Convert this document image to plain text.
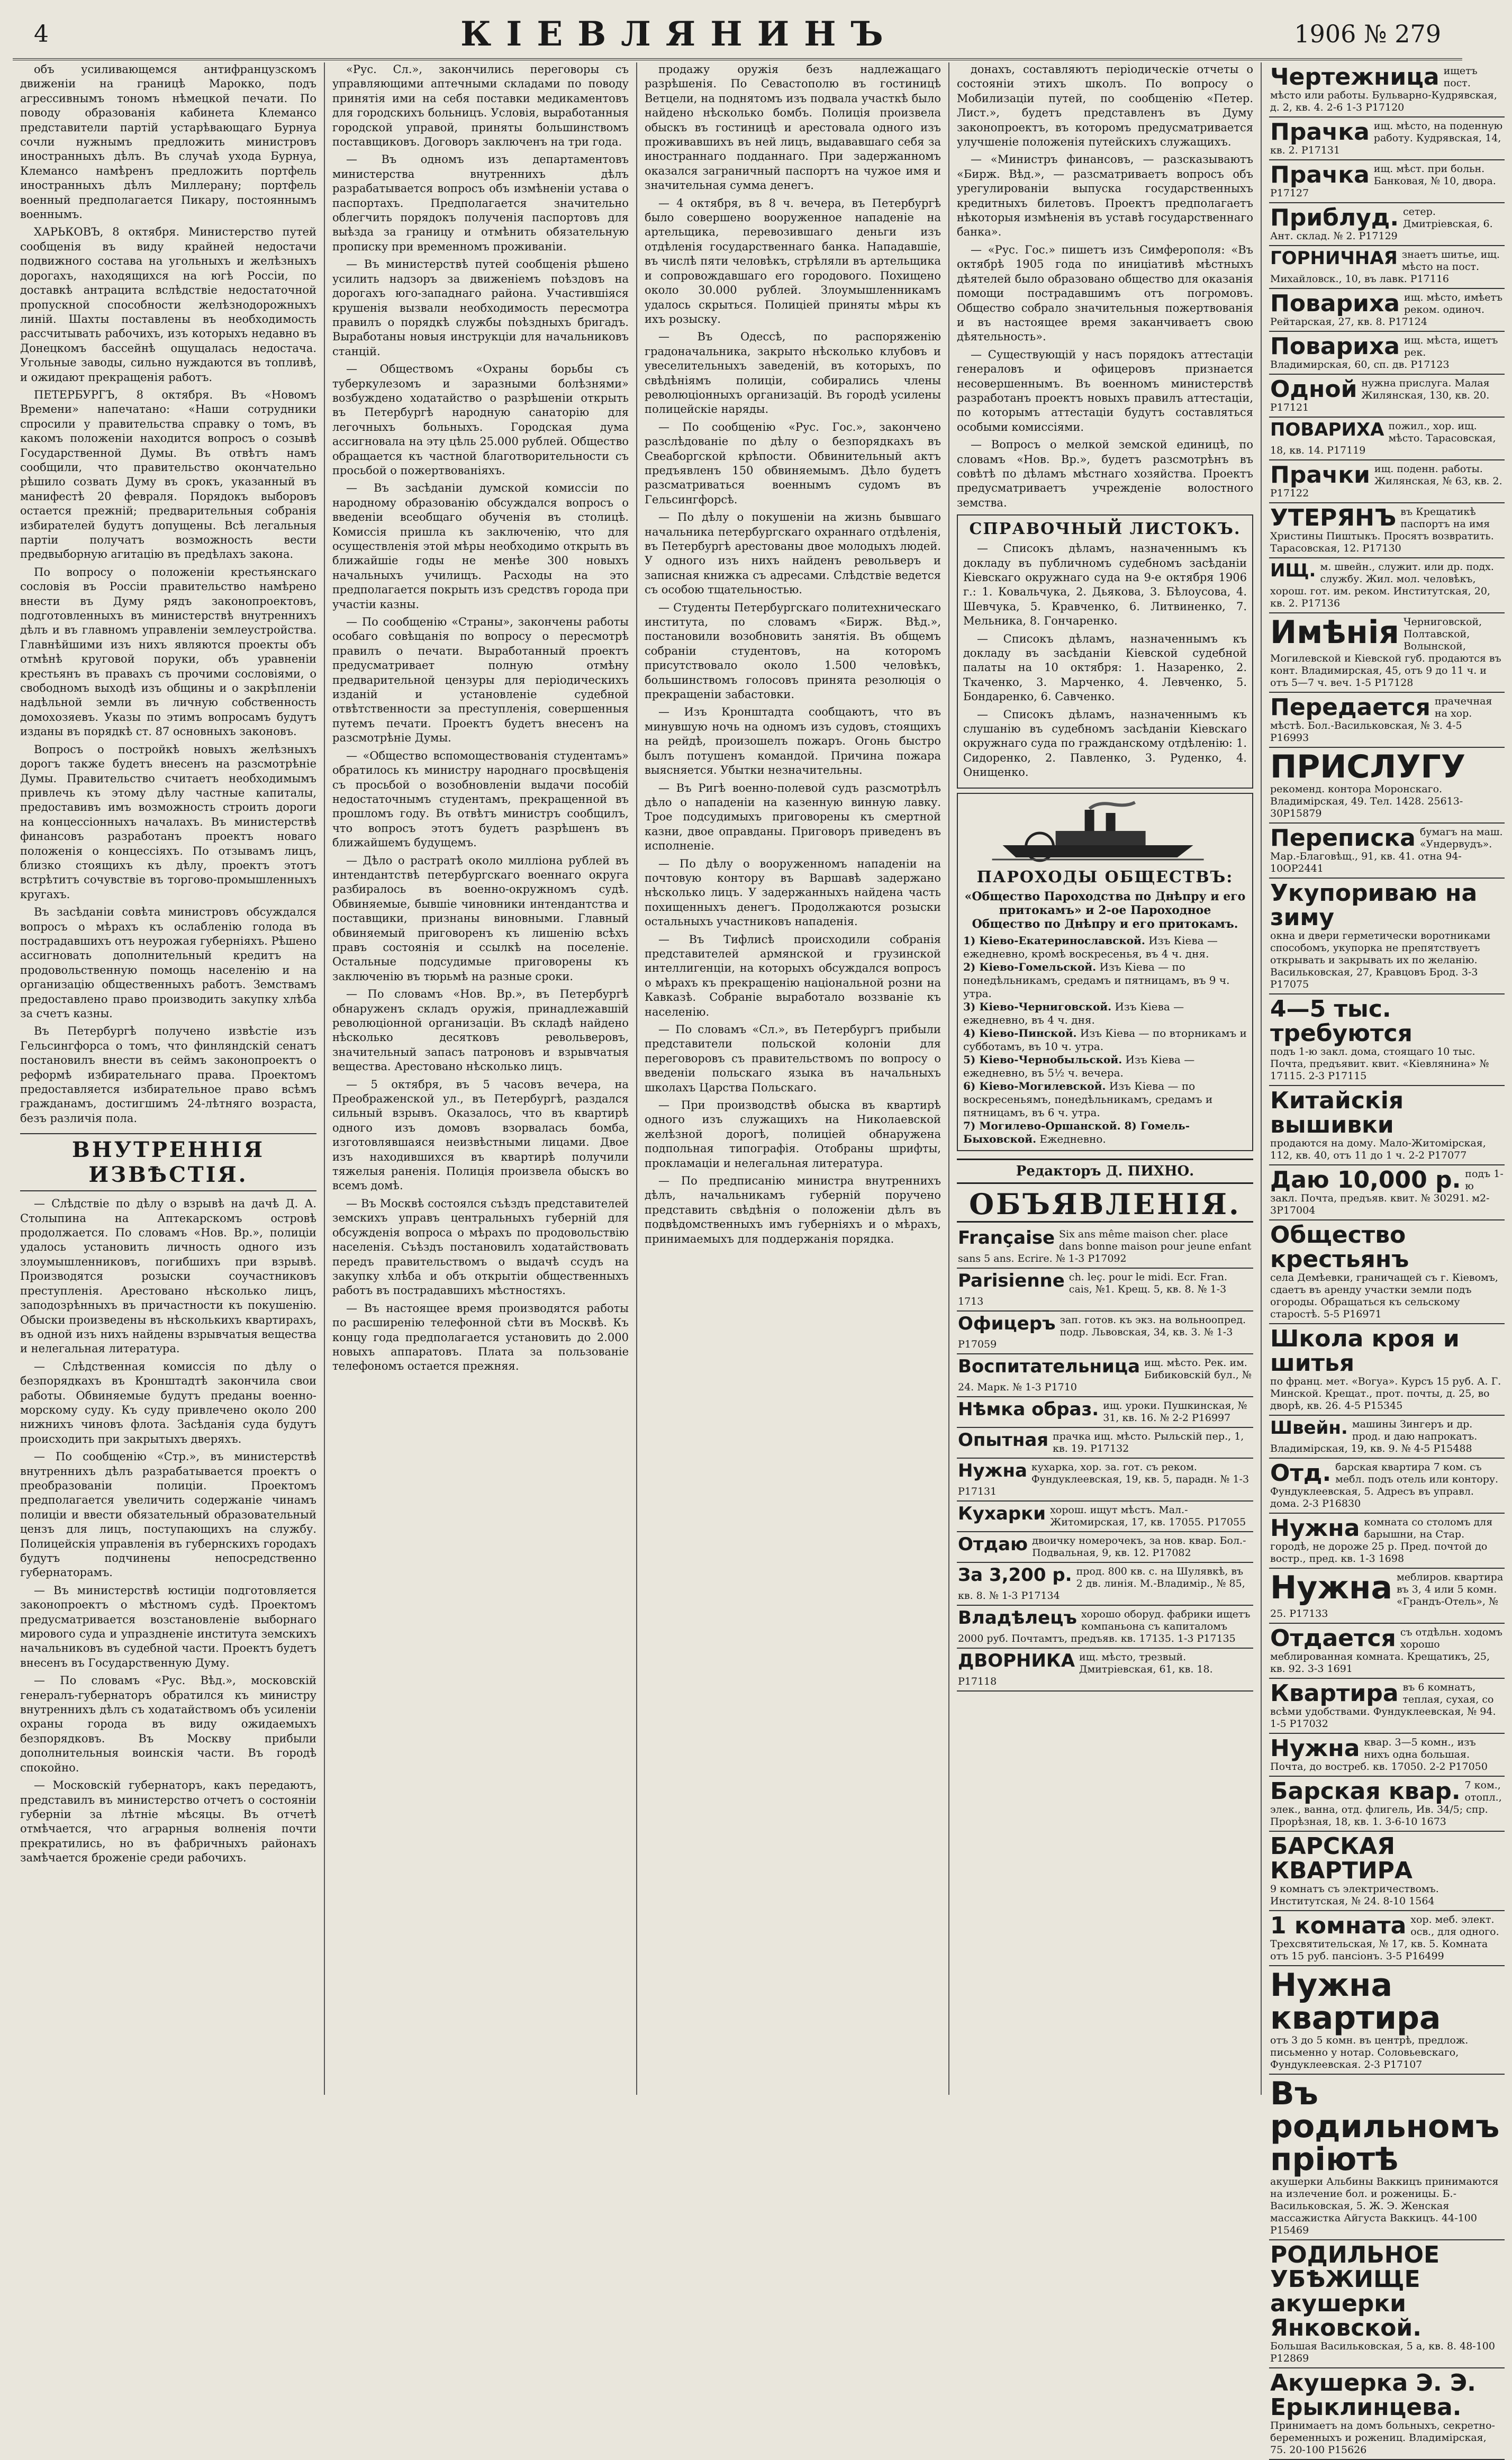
4	КІЕВЛЯНИНЪ	1906 № 279

объ усиливающемся антифранцузскомъ движеніи на границѣ Марокко, подъ агрессивнымъ тономъ нѣмецкой печати. По поводу образованія кабинета Клемансо представители партій устарѣвающаго Бурнуа сочли нужнымъ предложить министровъ иностранныхъ дѣлъ. Въ случаѣ ухода Бурнуа, Клемансо намѣренъ предложить портфель иностранныхъ дѣлъ Миллерану; портфель военный предполагается Пикару, постояннымъ военнымъ.

ХАРЬКОВЪ, 8 октября. Министерство путей сообщенія въ виду крайней недостачи подвижного состава на угольныхъ и желѣзныхъ дорогахъ, находящихся на югѣ Россіи, по доставкѣ антрацита вслѣдствіе недостаточной пропускной способности желѣзнодорожныхъ линій. Шахты поставлены въ необходимость рассчитывать рабочихъ, изъ которыхъ недавно въ Донецкомъ бассейнѣ ощущалась недостача. Угольные заводы, сильно нуждаются въ топливѣ, и ожидают прекращенія работъ.

ПЕТЕРБУРГЪ, 8 октября. Въ «Новомъ Времени» напечатано: «Наши сотрудники спросили у правительства справку о томъ, въ какомъ положеніи находится вопросъ о созывѣ Государственной Думы. Въ отвѣтъ намъ сообщили, что правительство окончательно рѣшило созвать Думу въ срокъ, указанный въ манифестѣ 20 февраля. Порядокъ выборовъ остается прежній; предварительныя собранія избирателей будутъ допущены. Всѣ легальныя партіи получатъ возможность вести предвыборную агитацію въ предѣлахъ закона.

По вопросу о положеніи крестьянскаго сословія въ Россіи правительство намѣрено внести въ Думу рядъ законопроектовъ, подготовленныхъ въ министерствѣ внутреннихъ дѣлъ и въ главномъ управленіи землеустройства. Главнѣйшими изъ нихъ являются проекты объ отмѣнѣ круговой поруки, объ уравненіи крестьянъ въ правахъ съ прочими сословіями, о свободномъ выходѣ изъ общины и о закрѣпленіи надѣльной земли въ личную собственность домохозяевъ. Указы по этимъ вопросамъ будутъ изданы въ порядкѣ ст. 87 основныхъ законовъ.

Вопросъ о постройкѣ новыхъ желѣзныхъ дорогъ также будетъ внесенъ на разсмотрѣніе Думы. Правительство считаетъ необходимымъ привлечь къ этому дѣлу частные капиталы, предоставивъ имъ возможность строить дороги на концессіонныхъ началахъ. Въ министерствѣ финансовъ разработанъ проектъ новаго положенія о концессіяхъ. По отзывамъ лицъ, близко стоящихъ къ дѣлу, проектъ этотъ встрѣтитъ сочувствіе въ торгово-промышленныхъ кругахъ.

Въ засѣданіи совѣта министровъ обсуждался вопросъ о мѣрахъ къ ослабленію голода въ пострадавшихъ отъ неурожая губерніяхъ. Рѣшено ассигновать дополнительный кредитъ на продовольственную помощь населенію и на организацію общественныхъ работъ. Земствамъ предоставлено право производить закупку хлѣба за счетъ казны.

Въ Петербургѣ получено извѣстіе изъ Гельсингфорса о томъ, что финляндскій сенатъ постановилъ внести въ сеймъ законопроектъ о реформѣ избирательнаго права. Проектомъ предоставляется избирательное право всѣмъ гражданамъ, достигшимъ 24-лѣтняго возраста, безъ различія пола.

ВНУТРЕННІЯ ИЗВѢСТІЯ.

— Слѣдствіе по дѣлу о взрывѣ на дачѣ Д. А. Столыпина на Аптекарскомъ островѣ продолжается. По словамъ «Нов. Вр.», полиціи удалось установить личность одного изъ злоумышленниковъ, погибшихъ при взрывѣ. Производятся розыски соучастниковъ преступленія. Арестовано нѣсколько лицъ, заподозрѣнныхъ въ причастности къ покушенію. Обыски произведены въ нѣсколькихъ квартирахъ, въ одной изъ нихъ найдены взрывчатыя вещества и нелегальная литература.

— Слѣдственная комиссія по дѣлу о безпорядкахъ въ Кронштадтѣ закончила свои работы. Обвиняемые будутъ преданы военно-морскому суду. Къ суду привлечено около 200 нижнихъ чиновъ флота. Засѣданія суда будутъ происходить при закрытыхъ дверяхъ.

— По сообщенію «Стр.», въ министерствѣ внутреннихъ дѣлъ разрабатывается проектъ о преобразованіи полиціи. Проектомъ предполагается увеличить содержаніе чинамъ полиціи и ввести обязательный образовательный цензъ для лицъ, поступающихъ на службу. Полицейскія управленія въ губернскихъ городахъ будутъ подчинены непосредственно губернаторамъ.

— Въ министерствѣ юстиціи подготовляется законопроектъ о мѣстномъ судѣ. Проектомъ предусматривается возстановленіе выборнаго мирового суда и упраздненіе института земскихъ начальниковъ въ судебной части. Проектъ будетъ внесенъ въ Государственную Думу.

— По словамъ «Рус. Вѣд.», московскій генералъ-губернаторъ обратился къ министру внутреннихъ дѣлъ съ ходатайствомъ объ усиленіи охраны города въ виду ожидаемыхъ безпорядковъ. Въ Москву прибыли дополнительныя воинскія части. Въ городѣ спокойно.

— Московскій губернаторъ, какъ передаютъ, представилъ въ министерство отчетъ о состояніи губерніи за лѣтніе мѣсяцы. Въ отчетѣ отмѣчается, что аграрныя волненія почти прекратились, но въ фабричныхъ районахъ замѣчается броженіе среди рабочихъ.

«Рус. Сл.», закончились переговоры съ управляющими аптечными складами по поводу принятія ими на себя поставки медикаментовъ для городскихъ больницъ. Условія, выработанныя городской управой, приняты большинствомъ поставщиковъ. Договоръ заключенъ на три года.

— Въ одномъ изъ департаментовъ министерства внутреннихъ дѣлъ разрабатывается вопросъ объ измѣненіи устава о паспортахъ. Предполагается значительно облегчить порядокъ полученія паспортовъ для выѣзда за границу и отмѣнить обязательную прописку при временномъ проживаніи.

— Въ министерствѣ путей сообщенія рѣшено усилить надзоръ за движеніемъ поѣздовъ на дорогахъ юго-западнаго района. Участившіяся крушенія вызвали необходимость пересмотра правилъ о порядкѣ службы поѣздныхъ бригадъ. Выработаны новыя инструкціи для начальниковъ станцій.

— Обществомъ «Охраны борьбы съ туберкулезомъ и заразными болѣзнями» возбуждено ходатайство о разрѣшеніи открыть въ Петербургѣ народную санаторію для легочныхъ больныхъ. Городская дума ассигновала на эту цѣль 25.000 рублей. Общество обращается къ частной благотворительности съ просьбой о пожертвованіяхъ.

— Въ засѣданіи думской комиссіи по народному образованію обсуждался вопросъ о введеніи всеобщаго обученія въ столицѣ. Комиссія пришла къ заключенію, что для осуществленія этой мѣры необходимо открыть въ ближайшіе годы не менѣе 300 новыхъ начальныхъ училищъ. Расходы на это предполагается покрыть изъ средствъ города при участіи казны.

— По сообщенію «Страны», закончены работы особаго совѣщанія по вопросу о пересмотрѣ правилъ о печати. Выработанный проектъ предусматривает полную отмѣну предварительной цензуры для періодическихъ изданій и установленіе судебной отвѣтственности за преступленія, совершенныя путемъ печати. Проектъ будетъ внесенъ на разсмотрѣніе Думы.

— «Общество вспомоществованія студентамъ» обратилось къ министру народнаго просвѣщенія съ просьбой о возобновленіи выдачи пособій недостаточнымъ студентамъ, прекращенной въ прошломъ году. Въ отвѣтъ министръ сообщилъ, что вопросъ этотъ будетъ разрѣшенъ въ ближайшемъ будущемъ.

— Дѣло о растратѣ около милліона рублей въ интендантствѣ петербургскаго военнаго округа разбиралось въ военно-окружномъ судѣ. Обвиняемые, бывшіе чиновники интендантства и поставщики, признаны виновными. Главный обвиняемый приговоренъ къ лишенію всѣхъ правъ состоянія и ссылкѣ на поселеніе. Остальные подсудимые приговорены къ заключенію въ тюрьмѣ на разные сроки.

— По словамъ «Нов. Вр.», въ Петербургѣ обнаруженъ складъ оружія, принадлежавшій революціонной организаціи. Въ складѣ найдено нѣсколько десятковъ револьверовъ, значительный запасъ патроновъ и взрывчатыя вещества. Арестовано нѣсколько лицъ.

— 5 октября, въ 5 часовъ вечера, на Преображенской ул., въ Петербургѣ, раздался сильный взрывъ. Оказалось, что въ квартирѣ одного изъ домовъ взорвалась бомба, изготовлявшаяся неизвѣстными лицами. Двое изъ находившихся въ квартирѣ получили тяжелыя раненія. Полиція произвела обыскъ во всемъ домѣ.

— Въ Москвѣ состоялся съѣздъ представителей земскихъ управъ центральныхъ губерній для обсужденія вопроса о мѣрахъ по продовольствію населенія. Съѣздъ постановилъ ходатайствовать передъ правительствомъ о выдачѣ ссудъ на закупку хлѣба и объ открытіи общественныхъ работъ въ пострадавшихъ мѣстностяхъ.

— Въ настоящее время производятся работы по расширенію телефонной сѣти въ Москвѣ. Къ концу года предполагается установить до 2.000 новыхъ аппаратовъ. Плата за пользованіе телефономъ остается прежняя.

продажу оружія безъ надлежащаго разрѣшенія. По Севастополю въ гостиницѣ Ветцели, на поднятомъ изъ подвала участкѣ было найдено нѣсколько бомбъ. Полиція произвела обыскъ въ гостиницѣ и арестовала одного изъ проживавшихъ въ ней лицъ, выдававшаго себя за иностраннаго подданнаго. При задержанномъ оказался заграничный паспортъ на чужое имя и значительная сумма денегъ.

— 4 октября, въ 8 ч. вечера, въ Петербургѣ было совершено вооруженное нападеніе на артельщика, перевозившаго деньги изъ отдѣленія государственнаго банка. Нападавшіе, въ числѣ пяти человѣкъ, стрѣляли въ артельщика и сопровождавшаго его городового. Похищено около 30.000 рублей. Злоумышленникамъ удалось скрыться. Полиціей приняты мѣры къ ихъ розыску.

— Въ Одессѣ, по распоряженію градоначальника, закрыто нѣсколько клубовъ и увеселительныхъ заведеній, въ которыхъ, по свѣдѣніямъ полиціи, собирались члены революціонныхъ организацій. Въ городѣ усилены полицейскіе наряды.

— По сообщенію «Рус. Гос.», закончено разслѣдованіе по дѣлу о безпорядкахъ въ Свеаборгской крѣпости. Обвинительный актъ предъявленъ 150 обвиняемымъ. Дѣло будетъ разсматриваться военнымъ судомъ въ Гельсингфорсѣ.

— По дѣлу о покушеніи на жизнь бывшаго начальника петербургскаго охраннаго отдѣленія, въ Петербургѣ арестованы двое молодыхъ людей. У одного изъ нихъ найденъ револьверъ и записная книжка съ адресами. Слѣдствіе ведется съ особою тщательностью.

— Студенты Петербургскаго политехническаго института, по словамъ «Бирж. Вѣд.», постановили возобновить занятія. Въ общемъ собраніи студентовъ, на которомъ присутствовало около 1.500 человѣкъ, большинствомъ голосовъ принята резолюція о прекращеніи забастовки.

— Изъ Кронштадта сообщаютъ, что въ минувшую ночь на одномъ изъ судовъ, стоящихъ на рейдѣ, произошелъ пожаръ. Огонь быстро былъ потушенъ командой. Причина пожара выясняется. Убытки незначительны.

— Въ Ригѣ военно-полевой судъ разсмотрѣлъ дѣло о нападеніи на казенную винную лавку. Трое подсудимыхъ приговорены къ смертной казни, двое оправданы. Приговоръ приведенъ въ исполненіе.

— По дѣлу о вооруженномъ нападеніи на почтовую контору въ Варшавѣ задержано нѣсколько лицъ. У задержанныхъ найдена часть похищенныхъ денегъ. Продолжаются розыски остальныхъ участниковъ нападенія.

— Въ Тифлисѣ происходили собранія представителей армянской и грузинской интеллигенціи, на которыхъ обсуждался вопросъ о мѣрахъ къ прекращенію національной розни на Кавказѣ. Собраніе выработало воззваніе къ населенію.

— По словамъ «Сл.», въ Петербургъ прибыли представители польской колоніи для переговоровъ съ правительствомъ по вопросу о введеніи польскаго языка въ начальныхъ школахъ Царства Польскаго.

— При производствѣ обыска въ квартирѣ одного изъ служащихъ на Николаевской желѣзной дорогѣ, полиціей обнаружена подпольная типографія. Отобраны шрифты, прокламаціи и нелегальная литература.

— По предписанію министра внутреннихъ дѣлъ, начальникамъ губерній поручено представить свѣдѣнія о положеніи дѣлъ въ подвѣдомственныхъ имъ губерніяхъ и о мѣрахъ, принимаемыхъ для поддержанія порядка.

донахъ, составляютъ періодическіе отчеты о состояніи этихъ школъ. По вопросу о Мобилизаціи путей, по сообщенію «Петер. Лист.», будетъ представленъ въ Думу законопроектъ, въ которомъ предусматривается улучшеніе положенія путейскихъ служащихъ.

— «Министръ финансовъ, — разсказываютъ «Бирж. Вѣд.», — разсматриваетъ вопросъ объ урегулированіи выпуска государственныхъ кредитныхъ билетовъ. Проектъ предполагаетъ нѣкоторыя измѣненія въ уставѣ государственнаго банка».

— «Рус. Гос.» пишетъ изъ Симферополя: «Въ октябрѣ 1905 года по иниціативѣ мѣстныхъ дѣятелей было образовано общество для оказанія помощи пострадавшимъ отъ погромовъ. Общество собрало значительныя пожертвованія и въ настоящее время заканчиваетъ свою дѣятельность».

— Существующій у насъ порядокъ аттестаціи генераловъ и офицеровъ признается несовершеннымъ. Въ военномъ министерствѣ разработанъ проектъ новыхъ правилъ аттестаціи, по которымъ аттестаціи будутъ составляться особыми комиссіями.

— Вопросъ о мелкой земской единицѣ, по словамъ «Нов. Вр.», будетъ разсмотрѣнъ въ совѣтѣ по дѣламъ мѣстнаго хозяйства. Проектъ предусматриваетъ учрежденіе волостного земства.

СПРАВОЧНЫЙ ЛИСТОКЪ.

— Списокъ дѣламъ, назначеннымъ къ докладу въ публичномъ судебномъ засѣданіи Кіевскаго окружнаго суда на 9-е октября 1906 г.: 1. Ковальчука, 2. Дьякова, 3. Бѣлоусова, 4. Шевчука, 5. Кравченко, 6. Литвиненко, 7. Мельника, 8. Гончаренко.

— Списокъ дѣламъ, назначеннымъ къ докладу въ засѣданіи Кіевской судебной палаты на 10 октября: 1. Назаренко, 2. Ткаченко, 3. Марченко, 4. Левченко, 5. Бондаренко, 6. Савченко.

— Списокъ дѣламъ, назначеннымъ къ слушанію въ судебномъ засѣданіи Кіевскаго окружнаго суда по гражданскому отдѣленію: 1. Сидоренко, 2. Павленко, 3. Руденко, 4. Онищенко.

ПАРОХОДЫ ОБЩЕСТВЪ:
«Общество Пароходства по Днѣпру и его притокамъ» и 2-ое Пароходное Общество по Днѣпру и его притокамъ.
1) Кіево-Екатеринославской. Изъ Кіева — ежедневно, кромѣ воскресенья, въ 4 ч. дня.
2) Кіево-Гомельской. Изъ Кіева — по понедѣльникамъ, средамъ и пятницамъ, въ 9 ч. утра.
3) Кіево-Черниговской. Изъ Кіева — ежедневно, въ 4 ч. дня.
4) Кіево-Пинской. Изъ Кіева — по вторникамъ и субботамъ, въ 10 ч. утра.
5) Кіево-Чернобыльской. Изъ Кіева — ежедневно, въ 5½ ч. вечера.
6) Кіево-Могилевской. Изъ Кіева — по воскресеньямъ, понедѣльникамъ, средамъ и пятницамъ, въ 6 ч. утра.
7) Могилево-Оршанской. 8) Гомель-Быховской. Ежедневно.
Редакторъ Д. ПИХНО.
ОБЪЯВЛЕНІЯ.
Française Six ans même maison cher. place dans bonne maison pour jeune enfant sans 5 ans. Ecrire. № 1-3 P17092
Parisienne ch. leç. pour le midi. Ecr. Fran. cais, №1. Крещ. 5, кв. 8. № 1-3 1713
Офицеръ зап. готов. къ экз. на вольноопред. подр. Львовская, 34, кв. 3. № 1-3 P17059
Воспитательница ищ. мѣсто. Рек. им. Бибиковскій бул., № 24. Марк. № 1-3 P1710
Нѣмка образ. ищ. уроки. Пушкинская, № 31, кв. 16. № 2-2 P16997
Опытная прачка ищ. мѣсто. Рыльскій пер., 1, кв. 19. P17132
Нужна кухарка, хор. за. гот. съ реком. Фундуклеевская, 19, кв. 5, парадн. № 1-3 P17131
Кухарки хорош. ищут мѣстъ. Мал.-Житомирская, 17, кв. 17055. P17055
Отдаю двоичку номерочекъ, за нов. квар. Бол.-Подвальная, 9, кв. 12. P17082
За 3,200 р. прод. 800 кв. с. на Шулявкѣ, въ 2 дв. линія. М.-Владимір., № 85, кв. 8. № 1-3 P17134
Владѣлецъ хорошо оборуд. фабрики ищетъ компаньона съ капиталомъ 2000 руб. Почтамтъ, предъяв. кв. 17135. 1-3 P17135
ДВОРНИКА ищ. мѣсто, трезвый. Дмитріевская, 61, кв. 18. P17118
Чертежница ищетъ пост. мѣсто или работы. Бульварно-Кудрявская, д. 2, кв. 4. 2-6 1-3 P17120
Прачка ищ. мѣсто, на поденную работу. Кудрявская, 14, кв. 2. P17131
Прачка ищ. мѣст. при больн. Банковая, № 10, двора. P17127
Приблуд. сетер. Дмитріевская, 6. Ант. склад. № 2. P17129
ГОРНИЧНАЯ знаетъ шитье, ищ. мѣсто на пост. Михайловск., 10, въ лавк. P17116
Повариха ищ. мѣсто, имѣетъ реком. одиноч. Рейтарская, 27, кв. 8. P17124
Повариха ищ. мѣста, ищетъ рек. Владимирская, 60, сп. дв. P17123
Одной нужна прислуга. Малая Жилянская, 130, кв. 20. P17121
ПОВАРИХА пожил., хор. ищ. мѣсто. Тарасовская, 18, кв. 14. P17119
Прачки ищ. поденн. работы. Жилянская, № 63, кв. 2. P17122
УТЕРЯНЪ въ Крещатикѣ паспортъ на имя Христины Пиштыкъ. Просятъ возвратить. Тарасовская, 12. P17130
ИЩ. м. швейн., служит. или др. подх. службу. Жил. мол. человѣкъ, хорош. гот. им. реком. Институтская, 20, кв. 2. P17136
Имѣнія Черниговской, Полтавской, Волынской, Могилевской и Кіевской губ. продаются въ конт. Владимирская, 45, отъ 9 до 11 ч. и отъ 5—7 ч. веч. 1-5 P17128
Передается прачечная на хор. мѣстѣ. Бол.-Васильковская, № 3. 4-5 P16993
ПРИСЛУГУ
рекоменд. контора Моронскаго. Владимірская, 49. Тел. 1428. 25613-30P15879
Переписка бумагъ на маш. «Ундервудъ». Мар.-Благовѣщ., 91, кв. 41. отна 94-10OP2441
Укупориваю на зиму
окна и двери герметически воротниками способомъ, укупорка не препятствуетъ открывать и закрывать их по желанію. Васильковская, 27, Кравцовъ Брод. 3-3 P17075
4—5 тыс. требуются
подъ 1-ю закл. дома, стоящаго 10 тыс. Почта, предъявит. квит. «Кіевлянина» № 17115. 2-3 P17115
Китайскія вышивки
продаются на дому. Мало-Житомірская, 112, кв. 40, отъ 11 до 1 ч. 2-2 P17077
Даю 10,000 р. подъ 1-ю закл. Почта, предъяв. квит. № 30291. м2-3P17004
Общество крестьянъ
села Демѣевки, граничащей съ г. Кіевомъ, сдаетъ въ аренду участки земли подъ огороды. Обращаться къ сельскому старостѣ. 5-5 P16971
Школа кроя и шитья
по франц. мет. «Вогуа». Курсъ 15 руб. А. Г. Минской. Крещат., прот. почты, д. 25, во дворѣ, кв. 26. 4-5 P15345
Швейн. машины Зингеръ и др. прод. и даю напрокатъ. Владимірская, 19, кв. 9. № 4-5 P15488
Отд. барская квартира 7 ком. съ мебл. подъ отель или контору. Фундуклеевская, 5. Адресъ въ управл. дома. 2-3 P16830
Нужна комната со столомъ для барышни, на Стар. городѣ, не дороже 25 р. Пред. почтой до востр., пред. кв. 1-3 1698
Нужна меблиров. квартира въ 3, 4 или 5 комн. «Грандъ-Отель», № 25. P17133
Отдается съ отдѣльн. ходомъ хорошо меблированная комната. Крещатикъ, 25, кв. 92. 3-3 1691
Квартира въ 6 комнатъ, теплая, сухая, со всѣми удобствами. Фундуклеевская, № 94. 1-5 P17032
Нужна квар. 3—5 комн., изъ нихъ одна большая. Почта, до востреб. кв. 17050. 2-2 P17050
Барская квар. 7 ком., отопл., элек., ванна, отд. флигель, Ив. 34/5; спр. Прорѣзная, 18, кв. 1. 3-6-10 1673
БАРСКАЯ КВАРТИРА
9 комнатъ съ электричествомъ. Институтская, № 24. 8-10 1564
1 комната хор. меб. элект. осв., для одного. Трехсвятительская, № 17, кв. 5. Комната отъ 15 руб. пансіонъ. 3-5 P16499
Нужна квартира
отъ 3 до 5 комн. въ центрѣ, предлож. письменно у нотар. Соловьевскаго, Фундуклеевская. 2-3 P17107
Въ родильномъ пріютѣ
акушерки Альбины Ваккицъ принимаются на излечение бол. и роженицы. Б.-Васильковская, 5. Ж. Э. Женская массажистка Айгуста Ваккицъ. 44-100 P15469
РОДИЛЬНОЕ УБѢЖИЩЕ акушерки Янковской.
Большая Васильковская, 5 а, кв. 8. 48-100 P12869
Акушерка Э. Э. Ерыклинцева.
Принимаетъ на домъ больныхъ, секретно-беременныхъ и рожениц. Владимірская, 75. 20-100 P15626
